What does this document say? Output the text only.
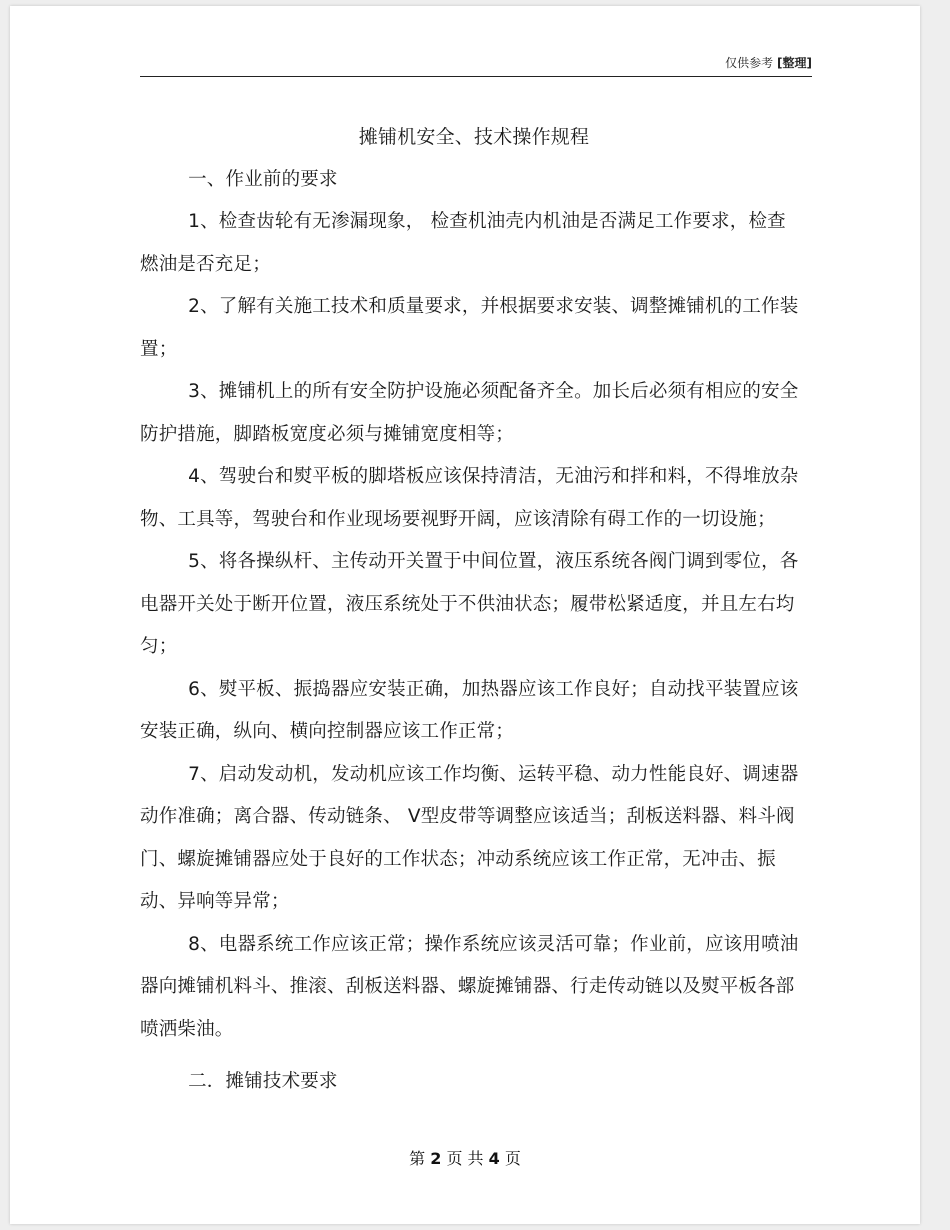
仅供参考 [整理]

摊铺机安全、技术操作规程

一、作业前的要求

1、检查齿轮有无渗漏现象， 检查机油壳内机油是否满足工作要求，检查燃油是否充足；

2、了解有关施工技术和质量要求，并根据要求安装、调整摊铺机的工作装置；

3、摊铺机上的所有安全防护设施必须配备齐全。加长后必须有相应的安全防护措施，脚踏板宽度必须与摊铺宽度相等；

4、驾驶台和熨平板的脚塔板应该保持清洁，无油污和拌和料，不得堆放杂物、工具等，驾驶台和作业现场要视野开阔，应该清除有碍工作的一切设施；

5、将各操纵杆、主传动开关置于中间位置，液压系统各阀门调到零位，各电器开关处于断开位置，液压系统处于不供油状态；履带松紧适度，并且左右均匀；

6、熨平板、振捣器应安装正确，加热器应该工作良好；自动找平装置应该安装正确，纵向、横向控制器应该工作正常；

7、启动发动机，发动机应该工作均衡、运转平稳、动力性能良好、调速器动作准确；离合器、传动链条、 V型皮带等调整应该适当；刮板送料器、料斗阀门、螺旋摊铺器应处于良好的工作状态；冲动系统应该工作正常，无冲击、振动、异响等异常；

8、电器系统工作应该正常；操作系统应该灵活可靠；作业前，应该用喷油器向摊铺机料斗、推滚、刮板送料器、螺旋摊铺器、行走传动链以及熨平板各部喷洒柴油。

二．摊铺技术要求

第 2 页 共 4 页
